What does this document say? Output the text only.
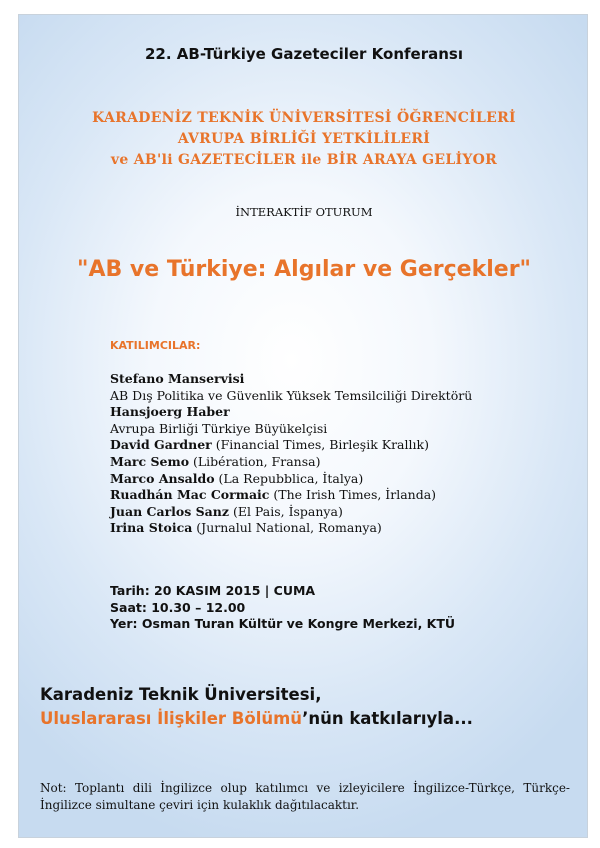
22. AB-Türkiye Gazeteciler Konferansı
KARADENİZ TEKNİK ÜNİVERSİTESİ ÖĞRENCİLERİ
AVRUPA BİRLİĞİ YETKİLİLERİ
ve AB'li GAZETECİLER ile BİR ARAYA GELİYOR
İNTERAKTİF OTURUM
"AB ve Türkiye: Algılar ve Gerçekler"
KATILIMCILAR:
Stefano Manservisi
AB Dış Politika ve Güvenlik Yüksek Temsilciliği Direktörü
Hansjoerg Haber
Avrupa Birliği Türkiye Büyükelçisi
David Gardner (Financial Times, Birleşik Krallık)
Marc Semo (Libération, Fransa)
Marco Ansaldo (La Repubblica, İtalya)
Ruadhán Mac Cormaic (The Irish Times, İrlanda)
Juan Carlos Sanz (El Pais, İspanya)
Irina Stoica (Jurnalul National, Romanya)
Tarih: 20 KASIM 2015 | CUMA
Saat: 10.30 – 12.00
Yer: Osman Turan Kültür ve Kongre Merkezi, KTÜ
Karadeniz Teknik Üniversitesi,
Uluslararası İlişkiler Bölümü’nün katkılarıyla...
Not: Toplantı dili İngilizce olup katılımcı ve izleyicilere İngilizce-Türkçe, Türkçe-İngilizce simultane çeviri için kulaklık dağıtılacaktır.
